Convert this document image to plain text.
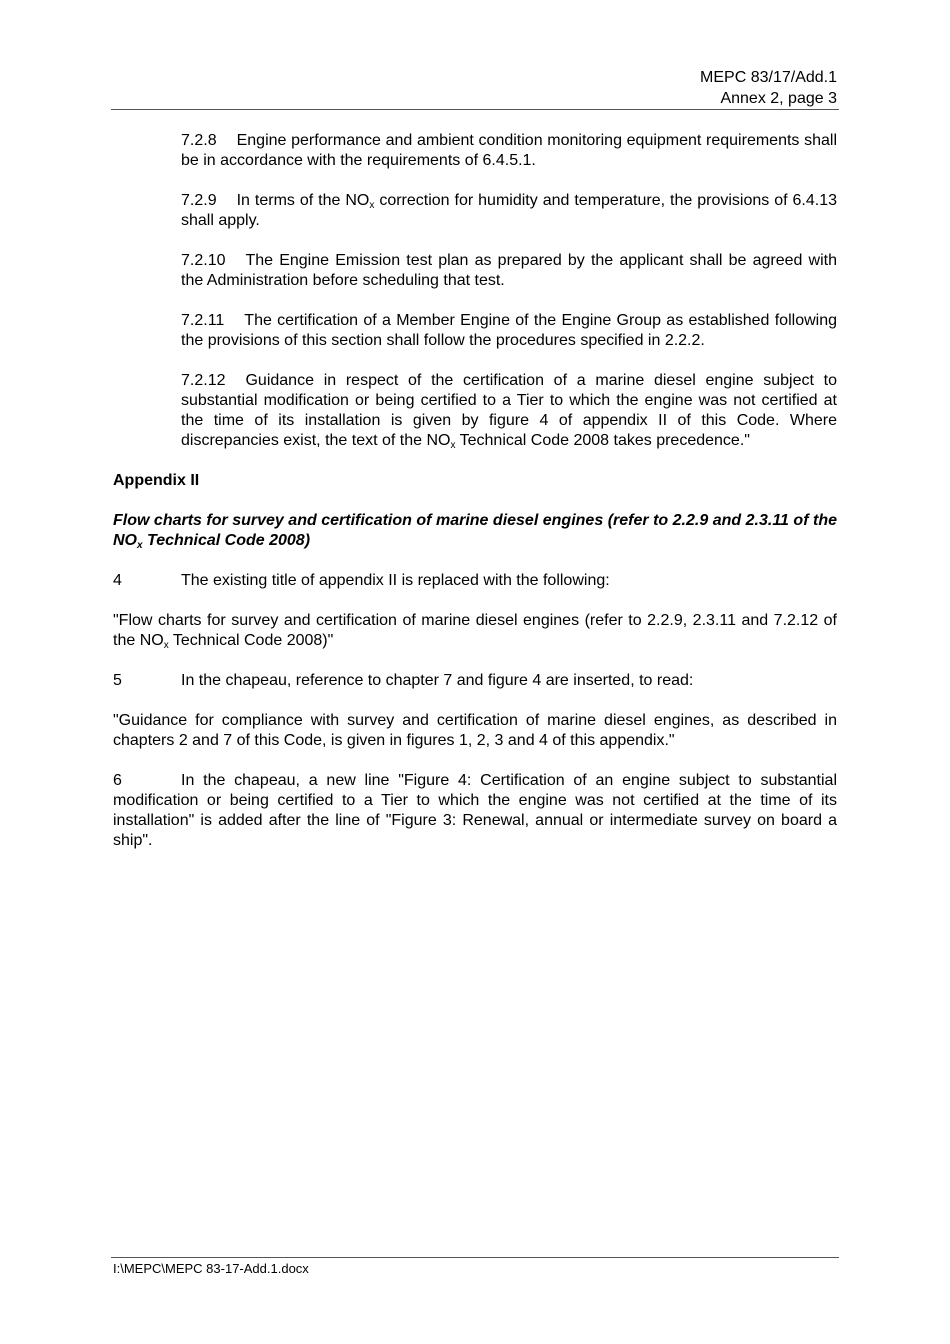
MEPC 83/17/Add.1
Annex 2, page 3

7.2.8 Engine performance and ambient condition monitoring equipment requirements shall be in accordance with the requirements of 6.4.5.1.

7.2.9 In terms of the $NO_x$ correction for humidity and temperature, the provisions of 6.4.13 shall apply.

7.2.10 The Engine Emission test plan as prepared by the applicant shall be agreed with the Administration before scheduling that test.

7.2.11 The certification of a Member Engine of the Engine Group as established following the provisions of this section shall follow the procedures specified in 2.2.2.

7.2.12 Guidance in respect of the certification of a marine diesel engine subject to substantial modification or being certified to a Tier to which the engine was not certified at the time of its installation is given by figure 4 of appendix II of this Code. Where discrepancies exist, the text of the $NO_x$ Technical Code 2008 takes precedence."

Appendix II
Flow charts for survey and certification of marine diesel engines (refer to 2.2.9 and 2.3.11 of the $NO_x$ Technical Code 2008)
4	The existing title of appendix II is replaced with the following:

"Flow charts for survey and certification of marine diesel engines (refer to 2.2.9, 2.3.11 and 7.2.12 of the $NO_x$ Technical Code 2008)"

5	In the chapeau, reference to chapter 7 and figure 4 are inserted, to read:

"Guidance for compliance with survey and certification of marine diesel engines, as described in chapters 2 and 7 of this Code, is given in figures 1, 2, 3 and 4 of this appendix."

6	In the chapeau, a new line "Figure 4: Certification of an engine subject to substantial modification or being certified to a Tier to which the engine was not certified at the time of its installation" is added after the line of "Figure 3: Renewal, annual or intermediate survey on board a ship".

I:\MEPC\MEPC 83-17-Add.1.docx
